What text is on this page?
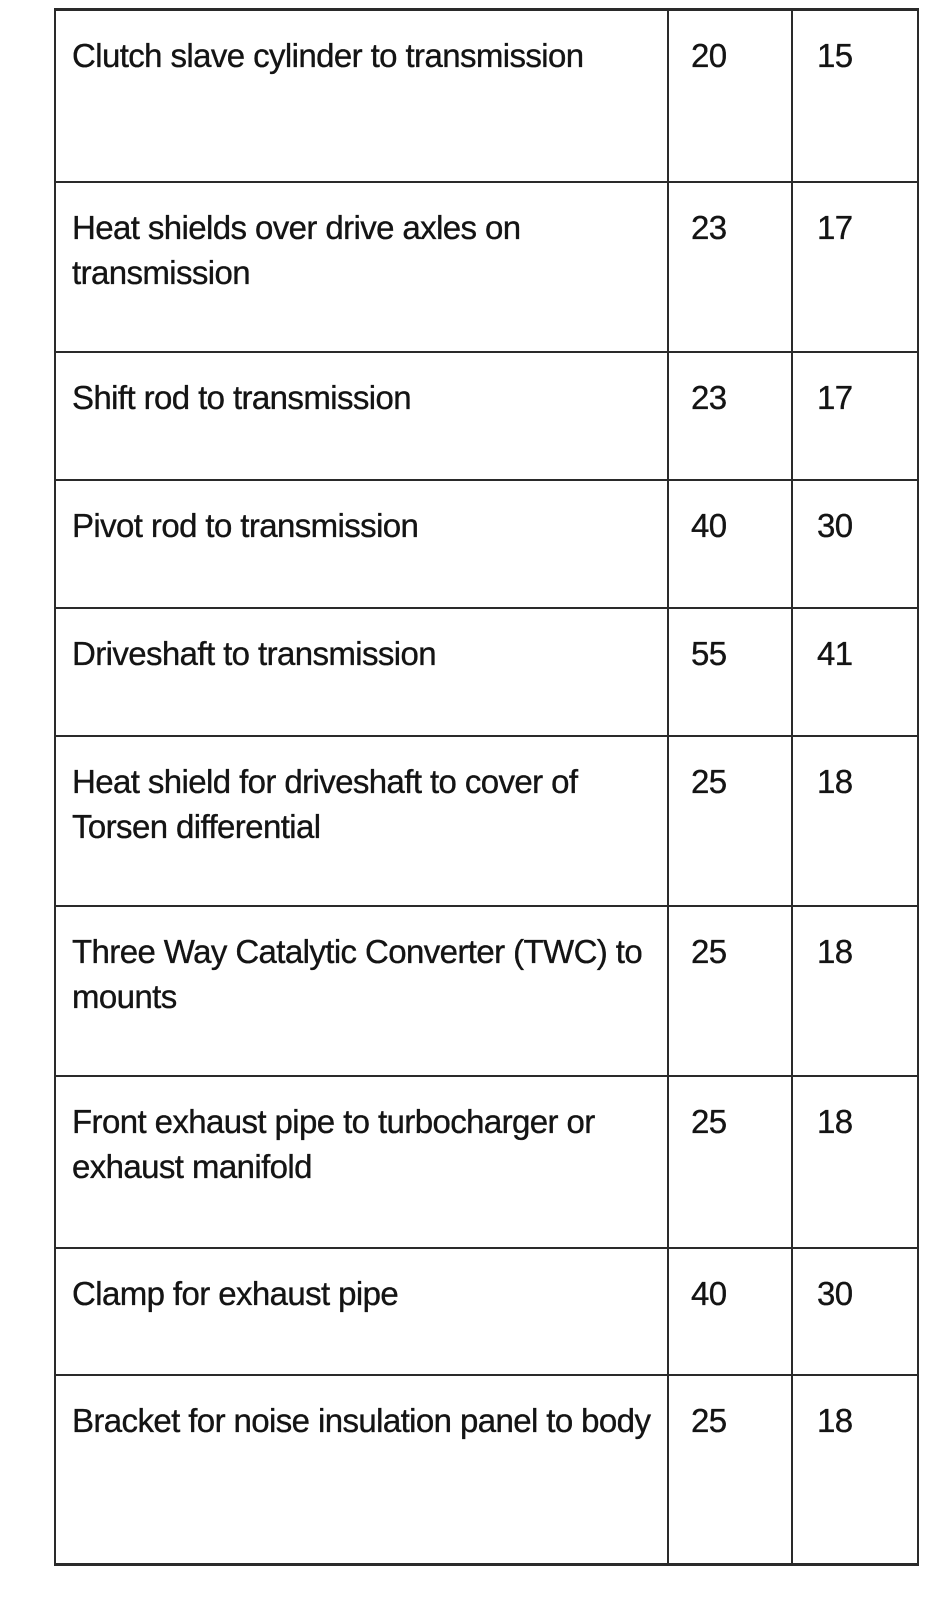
Clutch slave cylinder to transmission	20	15

Heat shields over drive axles on transmission	23	17

Shift rod to transmission	23	17

Pivot rod to transmission	40	30

Driveshaft to transmission	55	41

Heat shield for driveshaft to cover of Torsen differential	25	18

Three Way Catalytic Converter (TWC) to mounts	25	18

Front exhaust pipe to turbocharger or exhaust manifold	25	18

Clamp for exhaust pipe	40	30

Bracket for noise insulation panel to body	25	18
